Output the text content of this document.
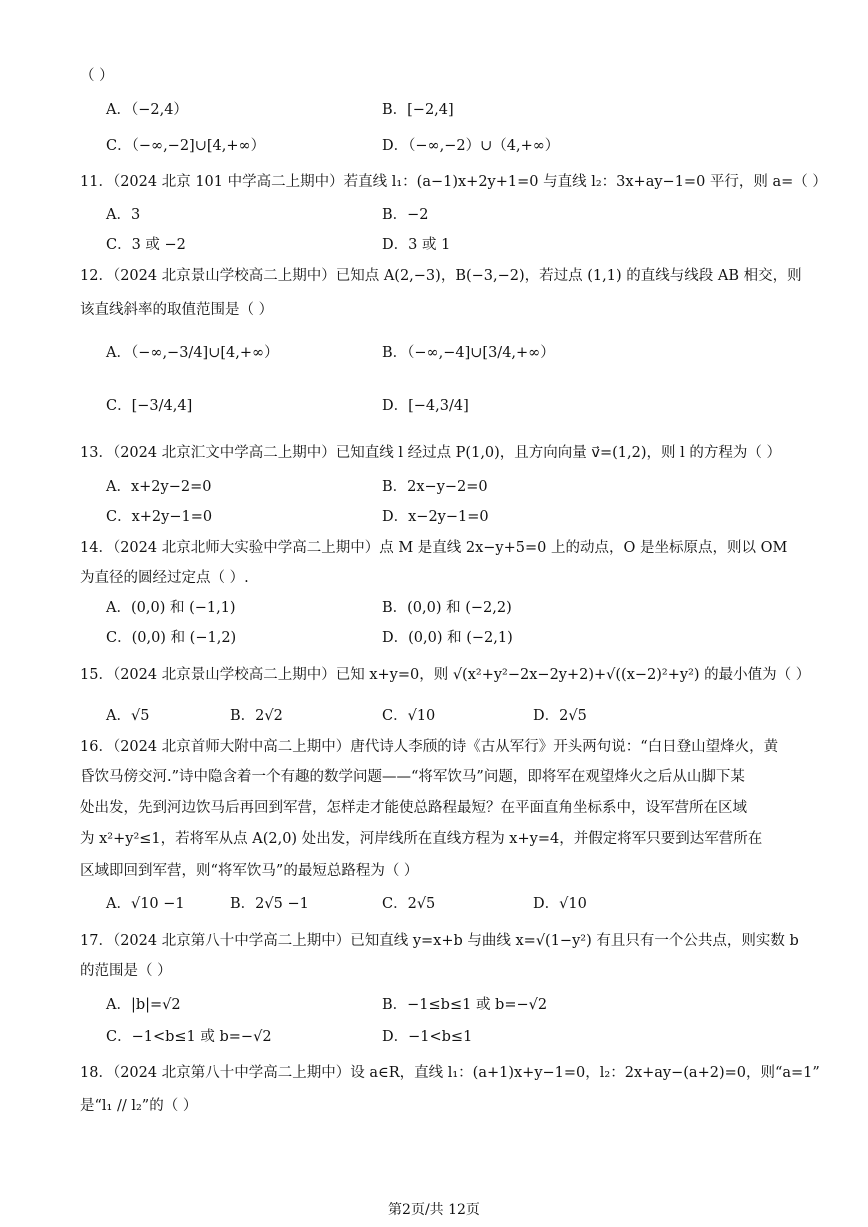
（ ）
11．（2024 北京 101 中学高二上期中）若直线 l₁：(a−1)x+2y+1=0 与直线 l₂：3x+ay−1=0 平行，则 a=（ ）
12．（2024 北京景山学校高二上期中）已知点 A(2,−3)，B(−3,−2)，若过点 (1,1) 的直线与线段 AB 相交，则
该直线斜率的取值范围是（ ）
13．（2024 北京汇文中学高二上期中）已知直线 l 经过点 P(1,0)，且方向向量 v⃗=(1,2)，则 l 的方程为（ ）
14．（2024 北京北师大实验中学高二上期中）点 M 是直线 2x−y+5=0 上的动点，O 是坐标原点，则以 OM
为直径的圆经过定点（ ）.
15．（2024 北京景山学校高二上期中）已知 x+y=0，则 √(x²+y²−2x−2y+2)+√((x−2)²+y²) 的最小值为（ ）
16．（2024 北京首师大附中高二上期中）唐代诗人李颀的诗《古从军行》开头两句说：“白日登山望烽火，黄
昏饮马傍交河.”诗中隐含着一个有趣的数学问题——“将军饮马”问题，即将军在观望烽火之后从山脚下某
处出发，先到河边饮马后再回到军营，怎样走才能使总路程最短？在平面直角坐标系中，设军营所在区域
为 x²+y²≤1，若将军从点 A(2,0) 处出发，河岸线所在直线方程为 x+y=4，并假定将军只要到达军营所在
区域即回到军营，则“将军饮马”的最短总路程为（ ）
17．（2024 北京第八十中学高二上期中）已知直线 y=x+b 与曲线 x=√(1−y²) 有且只有一个公共点，则实数 b
的范围是（ ）
18．（2024 北京第八十中学高二上期中）设 a∈R，直线 l₁：(a+1)x+y−1=0，l₂：2x+ay−(a+2)=0，则“a=1”
是“l₁ // l₂”的（ ）
A．（−2,4）	B．[−2,4]
C．（−∞,−2]∪[4,+∞）	D．（−∞,−2）∪（4,+∞）
A．3	B．−2
C．3 或 −2	D．3 或 1
A．（−∞,−3/4]∪[4,+∞）	B．（−∞,−4]∪[3/4,+∞）
C．[−3/4,4]	D．[−4,3/4]
A．x+2y−2=0	B．2x−y−2=0
C．x+2y−1=0	D．x−2y−1=0
A．(0,0) 和 (−1,1)	B．(0,0) 和 (−2,2)
C．(0,0) 和 (−1,2)	D．(0,0) 和 (−2,1)
A．|b|=√2	B．−1≤b≤1 或 b=−√2
C．−1<b≤1 或 b=−√2	D．−1<b≤1
A．√5	B．2√2	C．√10	D．2√5
A．√10 −1	B．2√5 −1	C．2√5	D．√10
第2页/共 12页
